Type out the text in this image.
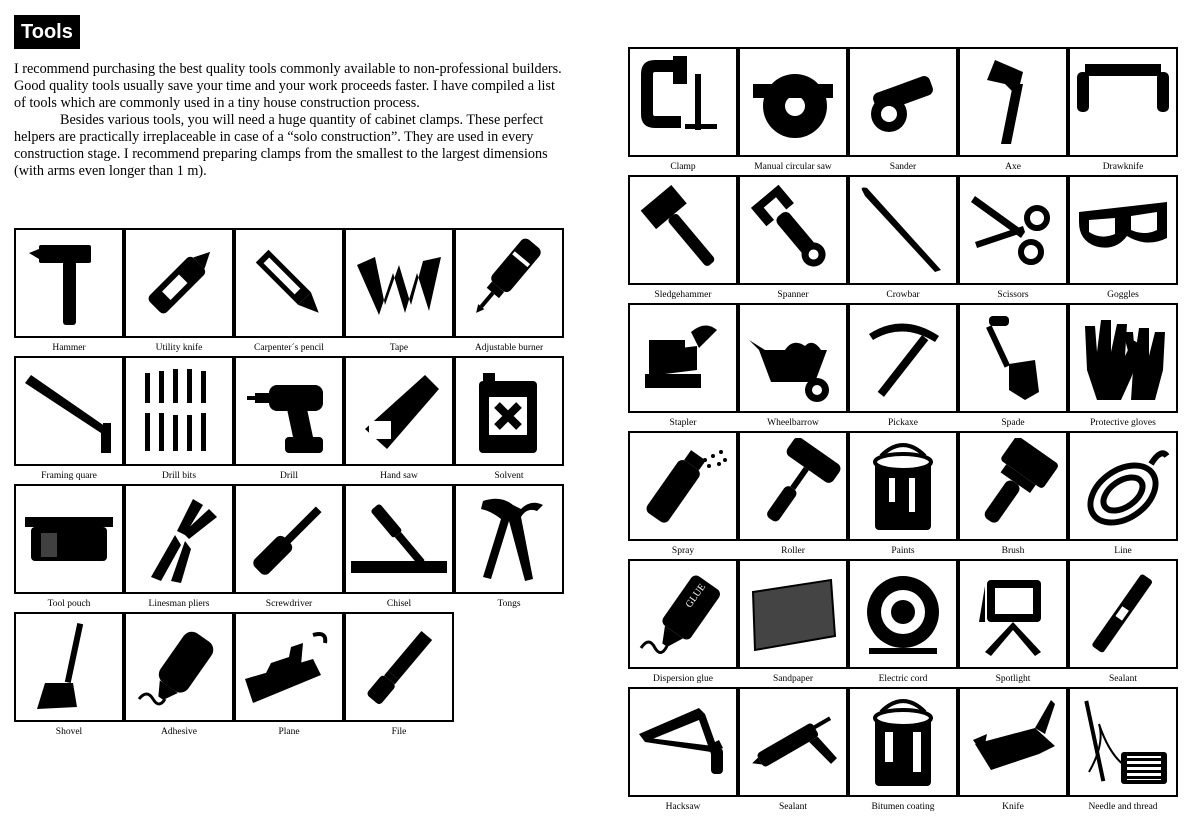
Tools

I recommend purchasing the best quality tools commonly available to non-professional builders. Good quality tools usually save your time and your work proceeds faster. I have compiled a list of tools which are commonly used in a tiny house construction process.

Besides various tools, you will need a huge quantity of cabinet clamps. These perfect helpers are practically irreplaceable in case of a “solo construction”. They are used in every construction stage. I recommend preparing clamps from the smallest to the largest dimensions (with arms even longer than 1 m).

Hammer	Utility knife	Carpenter´s pencil	Tape	Adjustable burner
Framing quare	Drill bits	Drill	Hand saw	Solvent
Tool pouch	Linesman pliers	Screwdriver	Chisel	Tongs
Shovel	Adhesive	Plane	File
Clamp	Manual circular saw	Sander	Axe	Drawknife
Sledgehammer	Spanner	Crowbar	Scissors	Goggles
Stapler	Wheelbarrow	Pickaxe	Spade	Protective gloves
Spray	Roller	Paints	Brush	Line
GLUE
Dispersion glue	Sandpaper	Electric cord	Spotlight	Sealant
Hacksaw	Sealant	Bitumen coating	Knife	Needle and thread
